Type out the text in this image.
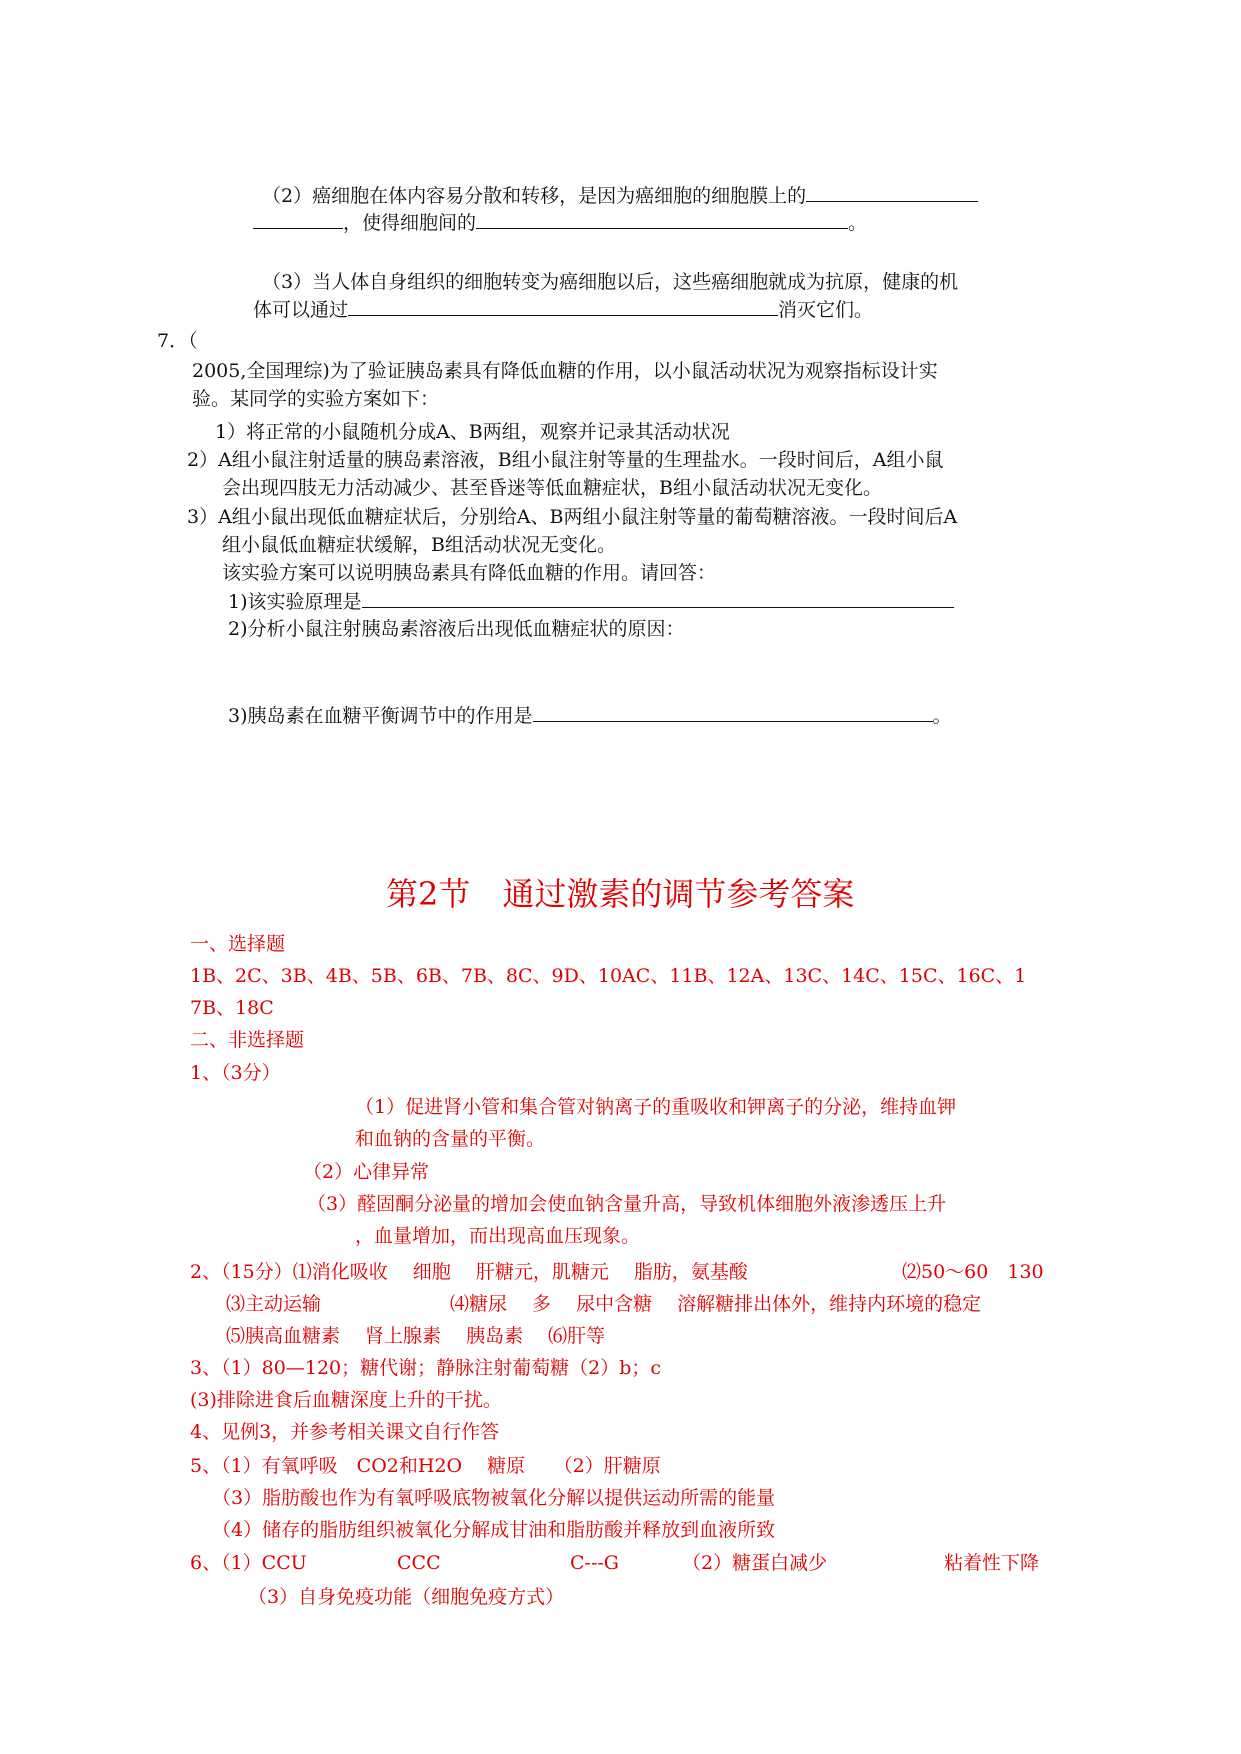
（2）癌细胞在体内容易分散和转移，是因为癌细胞的细胞膜上的
，使得细胞间的	。
（3）当人体自身组织的细胞转变为癌细胞以后，这些癌细胞就成为抗原，健康的机
体可以通过	消灭它们。
7．（
2005,全国理综)为了验证胰岛素具有降低血糖的作用，以小鼠活动状况为观察指标设计实
验。某同学的实验方案如下：
1）将正常的小鼠随机分成A、B两组，观察并记录其活动状况
2）A组小鼠注射适量的胰岛素溶液，B组小鼠注射等量的生理盐水。一段时间后，A组小鼠
会出现四肢无力活动减少、甚至昏迷等低血糖症状，B组小鼠活动状况无变化。
3）A组小鼠出现低血糖症状后，分别给A、B两组小鼠注射等量的葡萄糖溶液。一段时间后A
组小鼠低血糖症状缓解，B组活动状况无变化。
该实验方案可以说明胰岛素具有降低血糖的作用。请回答：
1)该实验原理是
2)分析小鼠注射胰岛素溶液后出现低血糖症状的原因：
3)胰岛素在血糖平衡调节中的作用是	。
第2节　通过激素的调节参考答案
一、选择题
1B、2C、3B、4B、5B、6B、7B、8C、9D、10AC、11B、12A、13C、14C、15C、16C、1
7B、18C
二、非选择题
1、（3分）
（1）促进肾小管和集合管对钠离子的重吸收和钾离子的分泌，维持血钾
和血钠的含量的平衡。
（2）心律异常
（3）醛固酮分泌量的增加会使血钠含量升高，导致机体细胞外液渗透压上升
，血量增加，而出现高血压现象。
2、（15分）⑴消化吸收　 细胞　 肝糖元，肌糖元　 脂肪，氨基酸	⑵50～60　130
⑶主动运输	⑷糖尿　 多　 尿中含糖　 溶解糖排出体外，维持内环境的稳定
⑸胰高血糖素　 肾上腺素　 胰岛素　 ⑹肝等
3、（1）80—120；糖代谢；静脉注射葡萄糖（2）b；c
(3)排除进食后血糖深度上升的干扰。
4、见例3，并参考相关课文自行作答
5、（1）有氧呼吸　CO2和H2O　 糖原　　（2）肝糖原
（3）脂肪酸也作为有氧呼吸底物被氧化分解以提供运动所需的能量
（4）储存的脂肪组织被氧化分解成甘油和脂肪酸并释放到血液所致
6、（1）CCU	CCC	C---G	（2）糖蛋白减少	粘着性下降
（3）自身免疫功能（细胞免疫方式）
